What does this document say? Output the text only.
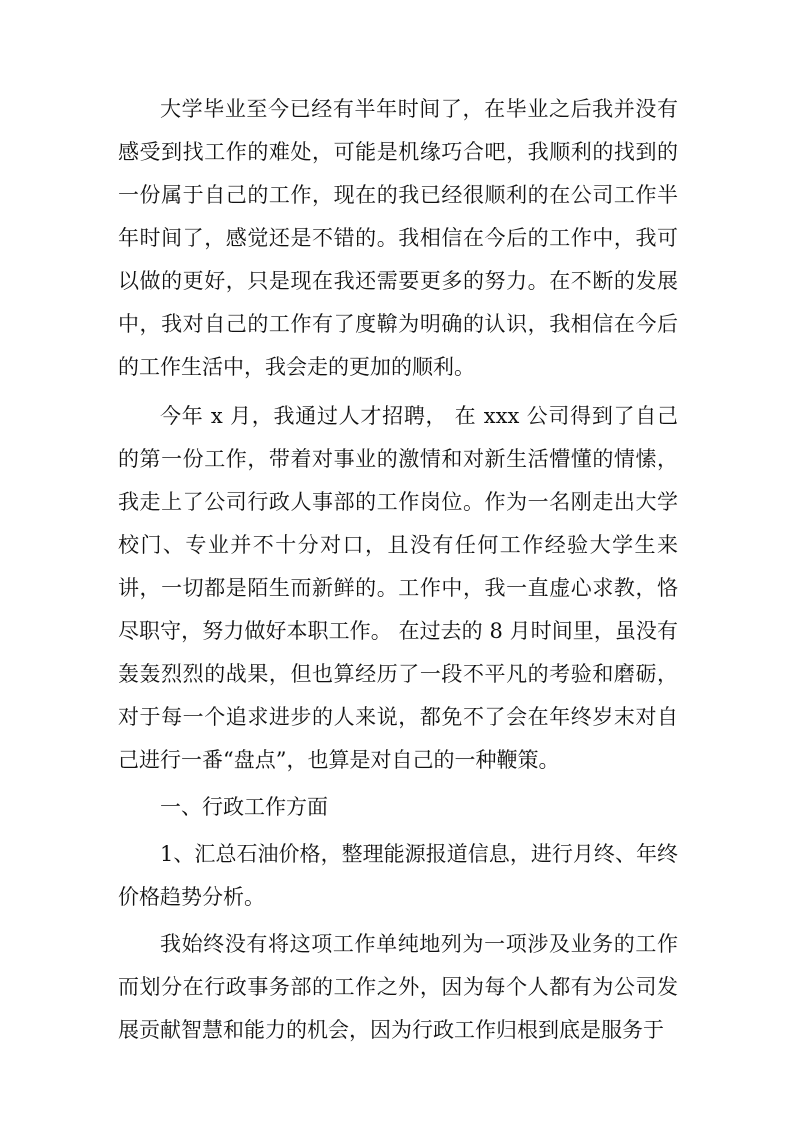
大学毕业至今已经有半年时间了，在毕业之后我并没有感受到找工作的难处，可能是机缘巧合吧，我顺利的找到的一份属于自己的工作，现在的我已经很顺利的在公司工作半年时间了，感觉还是不错的。我相信在今后的工作中，我可以做的更好，只是现在我还需要更多的努力。在不断的发展中，我对自己的工作有了度鞥为明确的认识，我相信在今后的工作生活中，我会走的更加的顺利。

今年 x 月，我通过人才招聘， 在 xxx 公司得到了自己的第一份工作，带着对事业的激情和对新生活懵懂的情愫，我走上了公司行政人事部的工作岗位。作为一名刚走出大学校门、专业并不十分对口，且没有任何工作经验大学生来讲，一切都是陌生而新鲜的。工作中，我一直虚心求教，恪尽职守，努力做好本职工作。 在过去的 8 月时间里，虽没有轰轰烈烈的战果，但也算经历了一段不平凡的考验和磨砺，对于每一个追求进步的人来说，都免不了会在年终岁末对自己进行一番“盘点”，也算是对自己的一种鞭策。

一、行政工作方面

1、汇总石油价格，整理能源报道信息，进行月终、年终价格趋势分析。

我始终没有将这项工作单纯地列为一项涉及业务的工作而划分在行政事务部的工作之外，因为每个人都有为公司发展贡献智慧和能力的机会，因为行政工作归根到底是服务于
